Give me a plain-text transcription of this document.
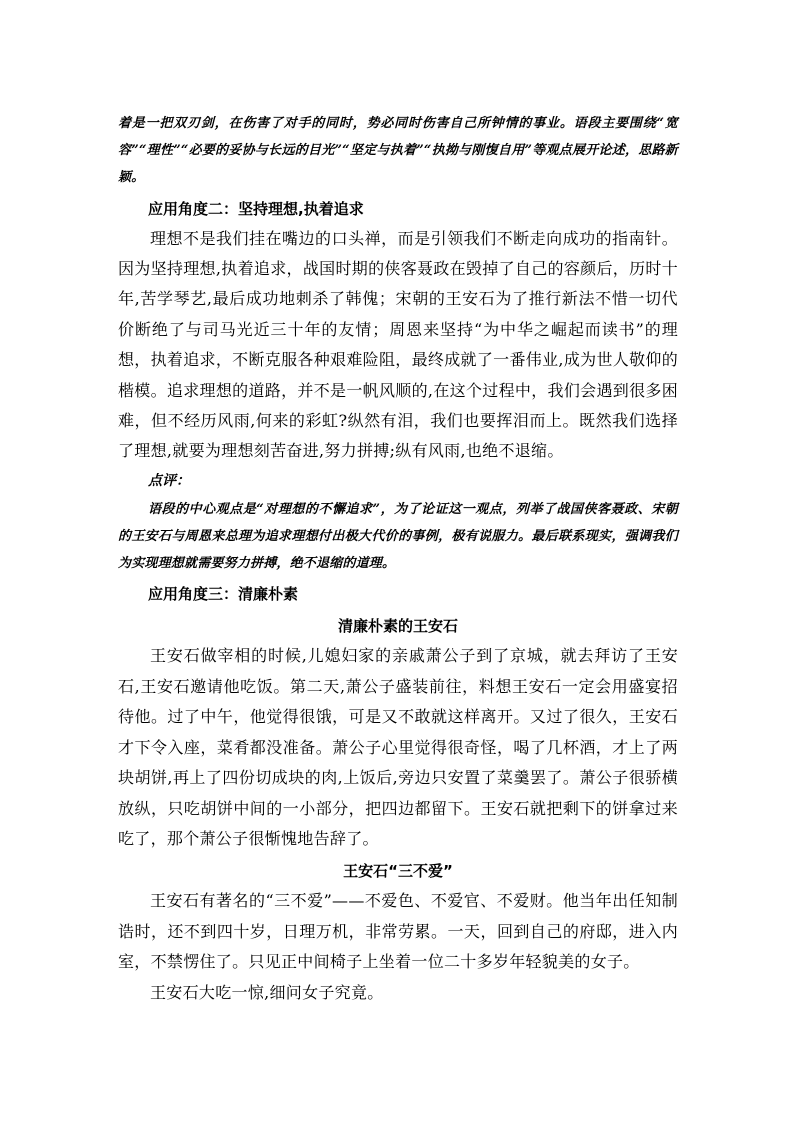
着是一把双刃剑，在伤害了对手的同时，势必同时伤害自己所钟情的事业。语段主要围绕“宽容”“理性”“必要的妥协与长远的目光”“坚定与执着”“执拗与刚愎自用”等观点展开论述，思路新颖。

应用角度二：坚持理想,执着追求

理想不是我们挂在嘴边的口头禅，而是引领我们不断走向成功的指南针。因为坚持理想,执着追求，战国时期的侠客聂政在毁掉了自己的容颜后，历时十年,苦学琴艺,最后成功地刺杀了韩傀；宋朝的王安石为了推行新法不惜一切代价断绝了与司马光近三十年的友情；周恩来坚持“为中华之崛起而读书”的理想，执着追求，不断克服各种艰难险阻，最终成就了一番伟业,成为世人敬仰的楷模。追求理想的道路，并不是一帆风顺的,在这个过程中，我们会遇到很多困难，但不经历风雨,何来的彩虹?纵然有泪，我们也要挥泪而上。既然我们选择了理想,就要为理想刻苦奋进,努力拼搏;纵有风雨,也绝不退缩。

点评：

语段的中心观点是“对理想的不懈追求”，为了论证这一观点，列举了战国侠客聂政、宋朝的王安石与周恩来总理为追求理想付出极大代价的事例，极有说服力。最后联系现实，强调我们为实现理想就需要努力拼搏，绝不退缩的道理。

应用角度三：清廉朴素

清廉朴素的王安石

王安石做宰相的时候,儿媳妇家的亲戚萧公子到了京城，就去拜访了王安石,王安石邀请他吃饭。第二天,萧公子盛装前往，料想王安石一定会用盛宴招待他。过了中午，他觉得很饿，可是又不敢就这样离开。又过了很久，王安石才下令入座，菜肴都没准备。萧公子心里觉得很奇怪，喝了几杯酒，才上了两块胡饼,再上了四份切成块的肉,上饭后,旁边只安置了菜羹罢了。萧公子很骄横放纵，只吃胡饼中间的一小部分，把四边都留下。王安石就把剩下的饼拿过来吃了，那个萧公子很惭愧地告辞了。

王安石“三不爱”

王安石有著名的“三不爱”——不爱色、不爱官、不爱财。他当年出任知制诰时，还不到四十岁，日理万机，非常劳累。一天，回到自己的府邸，进入内室，不禁愣住了。只见正中间椅子上坐着一位二十多岁年轻貌美的女子。

王安石大吃一惊,细问女子究竟。
